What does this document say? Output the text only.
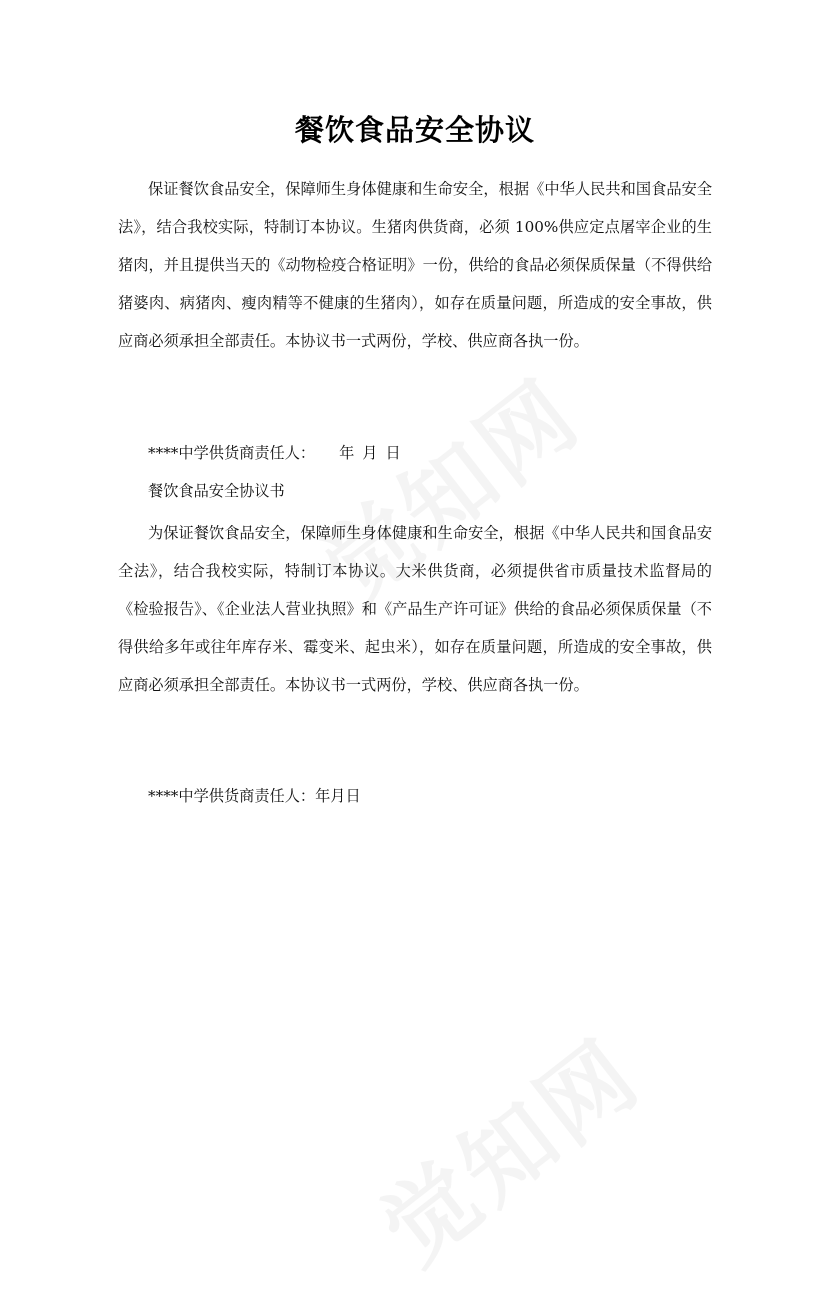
餐饮食品安全协议

保证餐饮食品安全，保障师生身体健康和生命安全，根据《中华人民共和国食品安全法》，结合我校实际，特制订本协议。生猪肉供货商，必须 100%供应定点屠宰企业的生猪肉，并且提供当天的《动物检疫合格证明》一份，供给的食品必须保质保量（不得供给猪婆肉、病猪肉、瘦肉精等不健康的生猪肉），如存在质量问题，所造成的安全事故，供应商必须承担全部责任。本协议书一式两份，学校、供应商各执一份。

****中学供货商责任人： 年 月 日

餐饮食品安全协议书

为保证餐饮食品安全，保障师生身体健康和生命安全，根据《中华人民共和国食品安全法》，结合我校实际，特制订本协议。大米供货商，必须提供省市质量技术监督局的《检验报告》、《企业法人营业执照》和《产品生产许可证》供给的食品必须保质保量（不得供给多年或往年库存米、霉变米、起虫米），如存在质量问题，所造成的安全事故，供应商必须承担全部责任。本协议书一式两份，学校、供应商各执一份。

****中学供货商责任人：年月日
